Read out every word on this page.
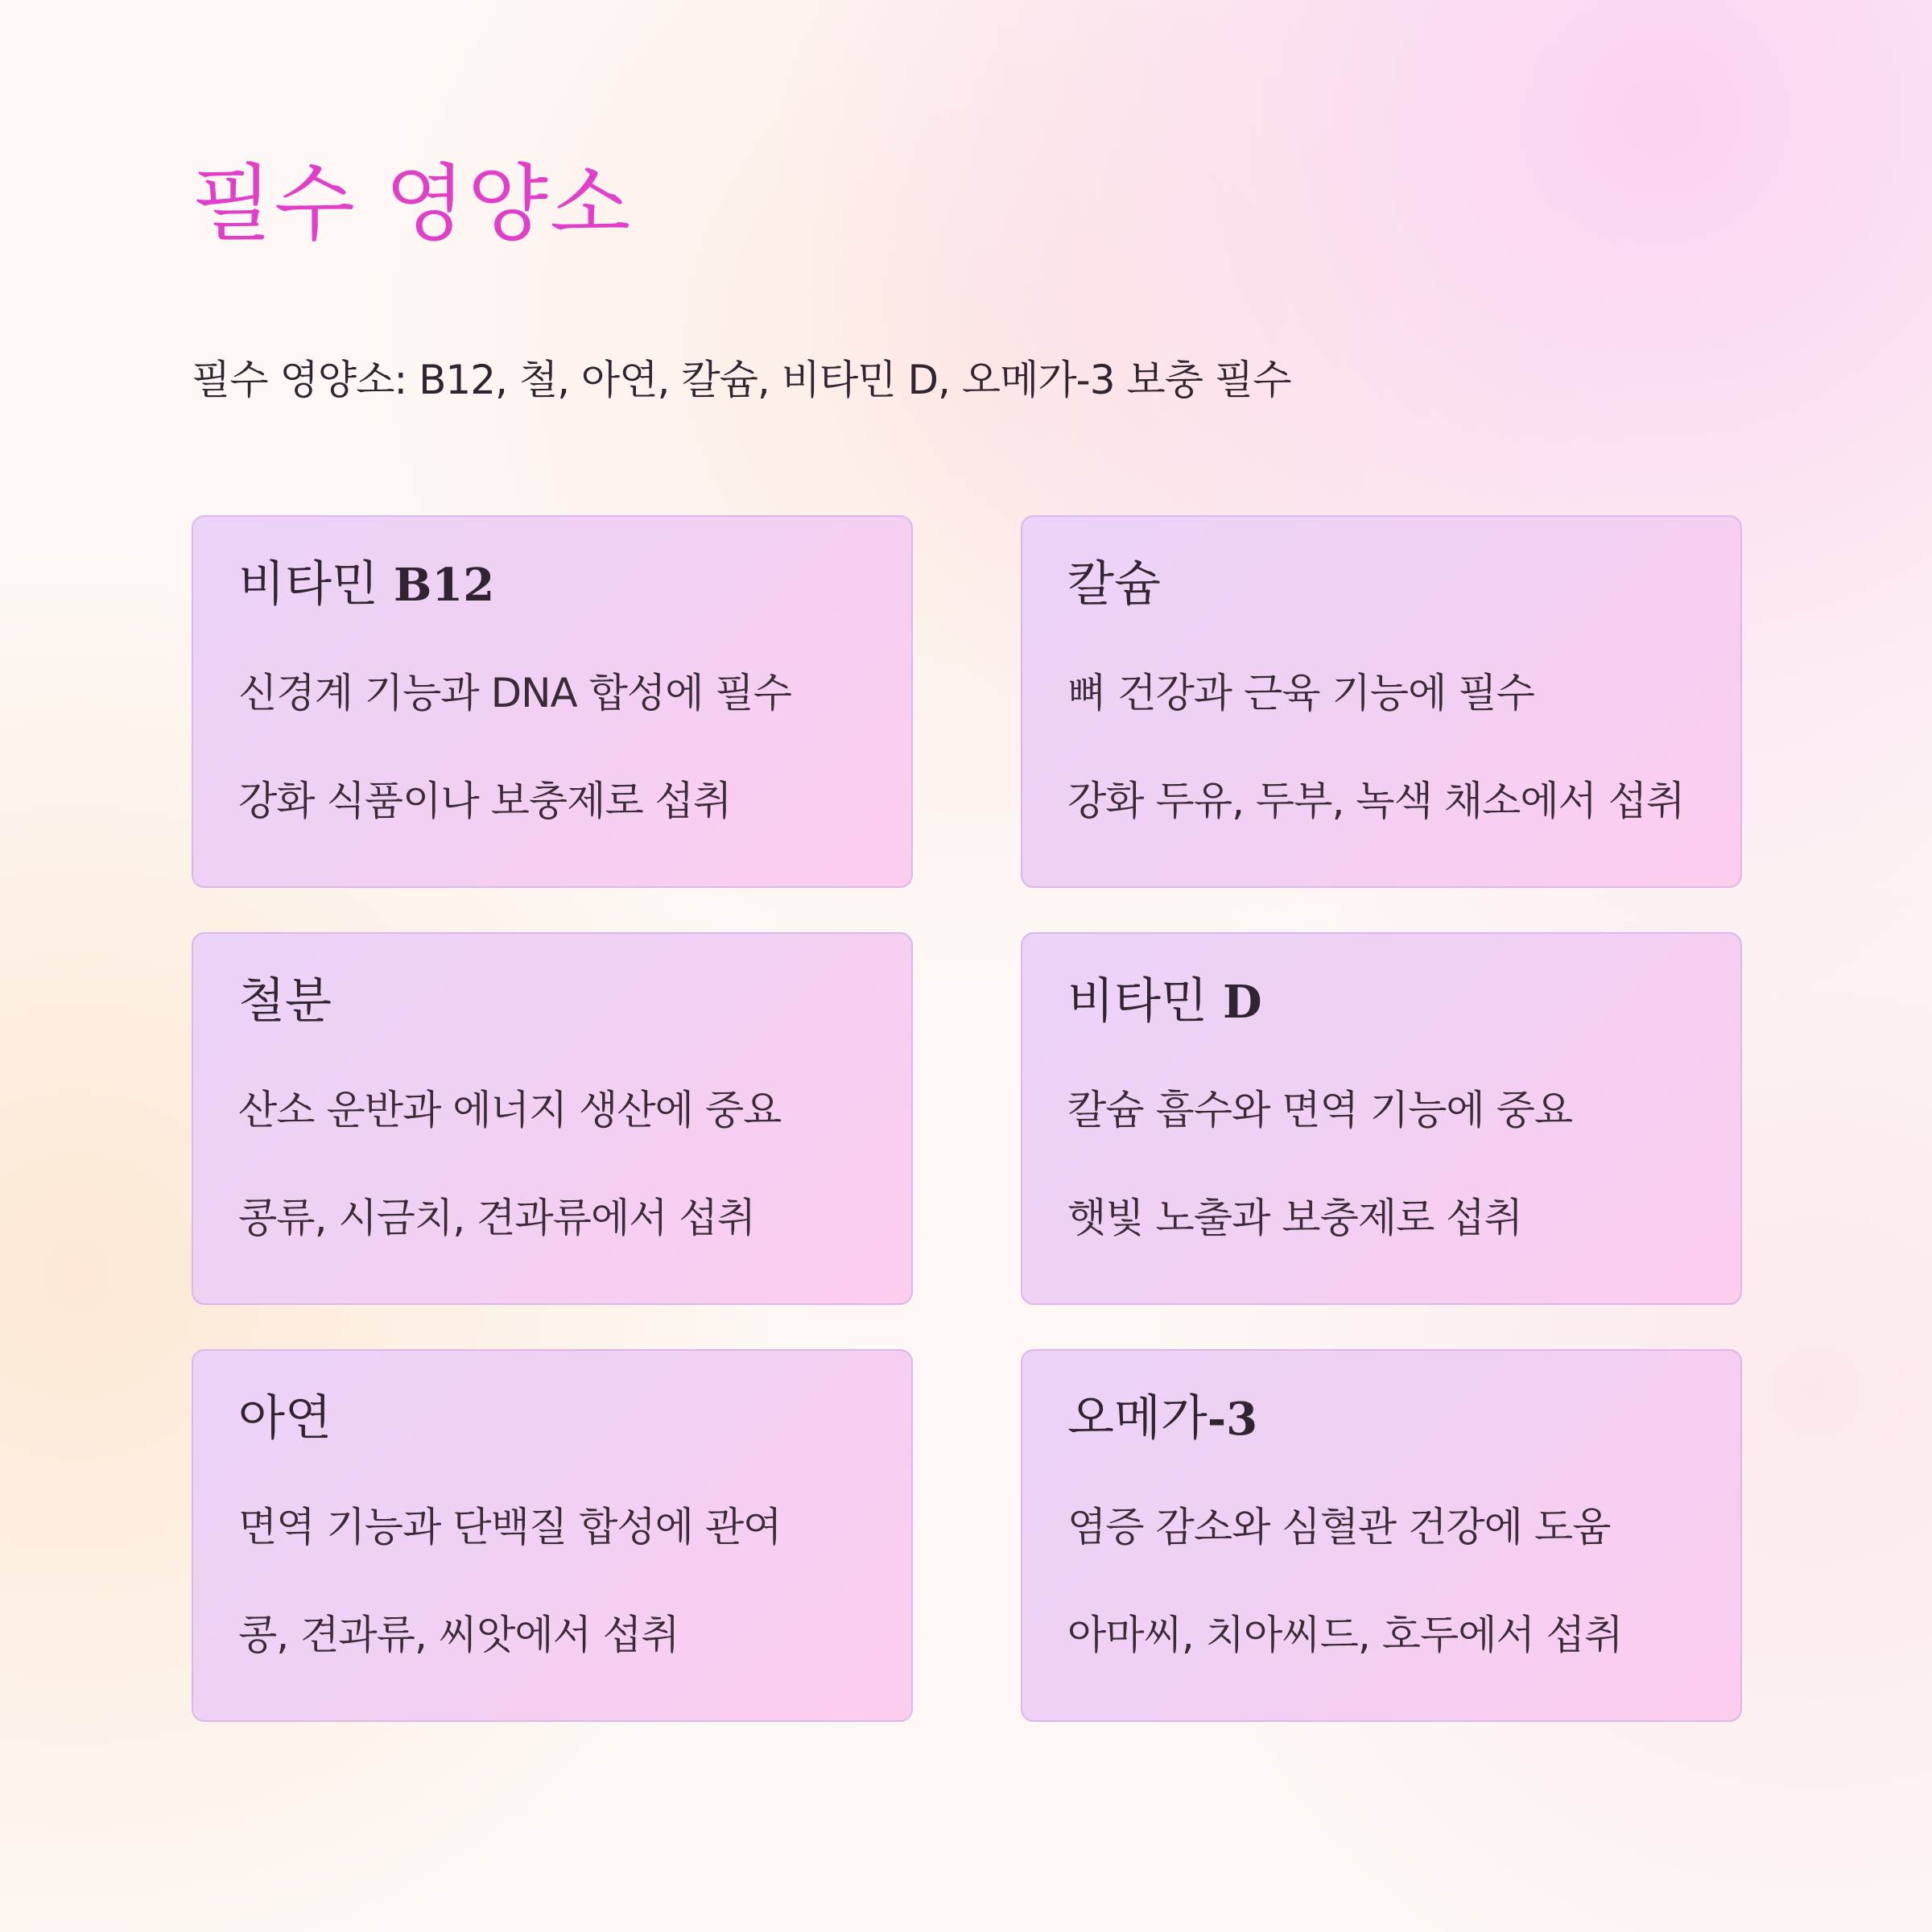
필수 영양소

필수 영양소: B12, 철, 아연, 칼슘, 비타민 D, 오메가-3 보충 필수

비타민 B12

신경계 기능과 DNA 합성에 필수

강화 식품이나 보충제로 섭취

칼슘

뼈 건강과 근육 기능에 필수

강화 두유, 두부, 녹색 채소에서 섭취

철분

산소 운반과 에너지 생산에 중요

콩류, 시금치, 견과류에서 섭취

비타민 D

칼슘 흡수와 면역 기능에 중요

햇빛 노출과 보충제로 섭취

아연

면역 기능과 단백질 합성에 관여

콩, 견과류, 씨앗에서 섭취

오메가-3

염증 감소와 심혈관 건강에 도움

아마씨, 치아씨드, 호두에서 섭취
